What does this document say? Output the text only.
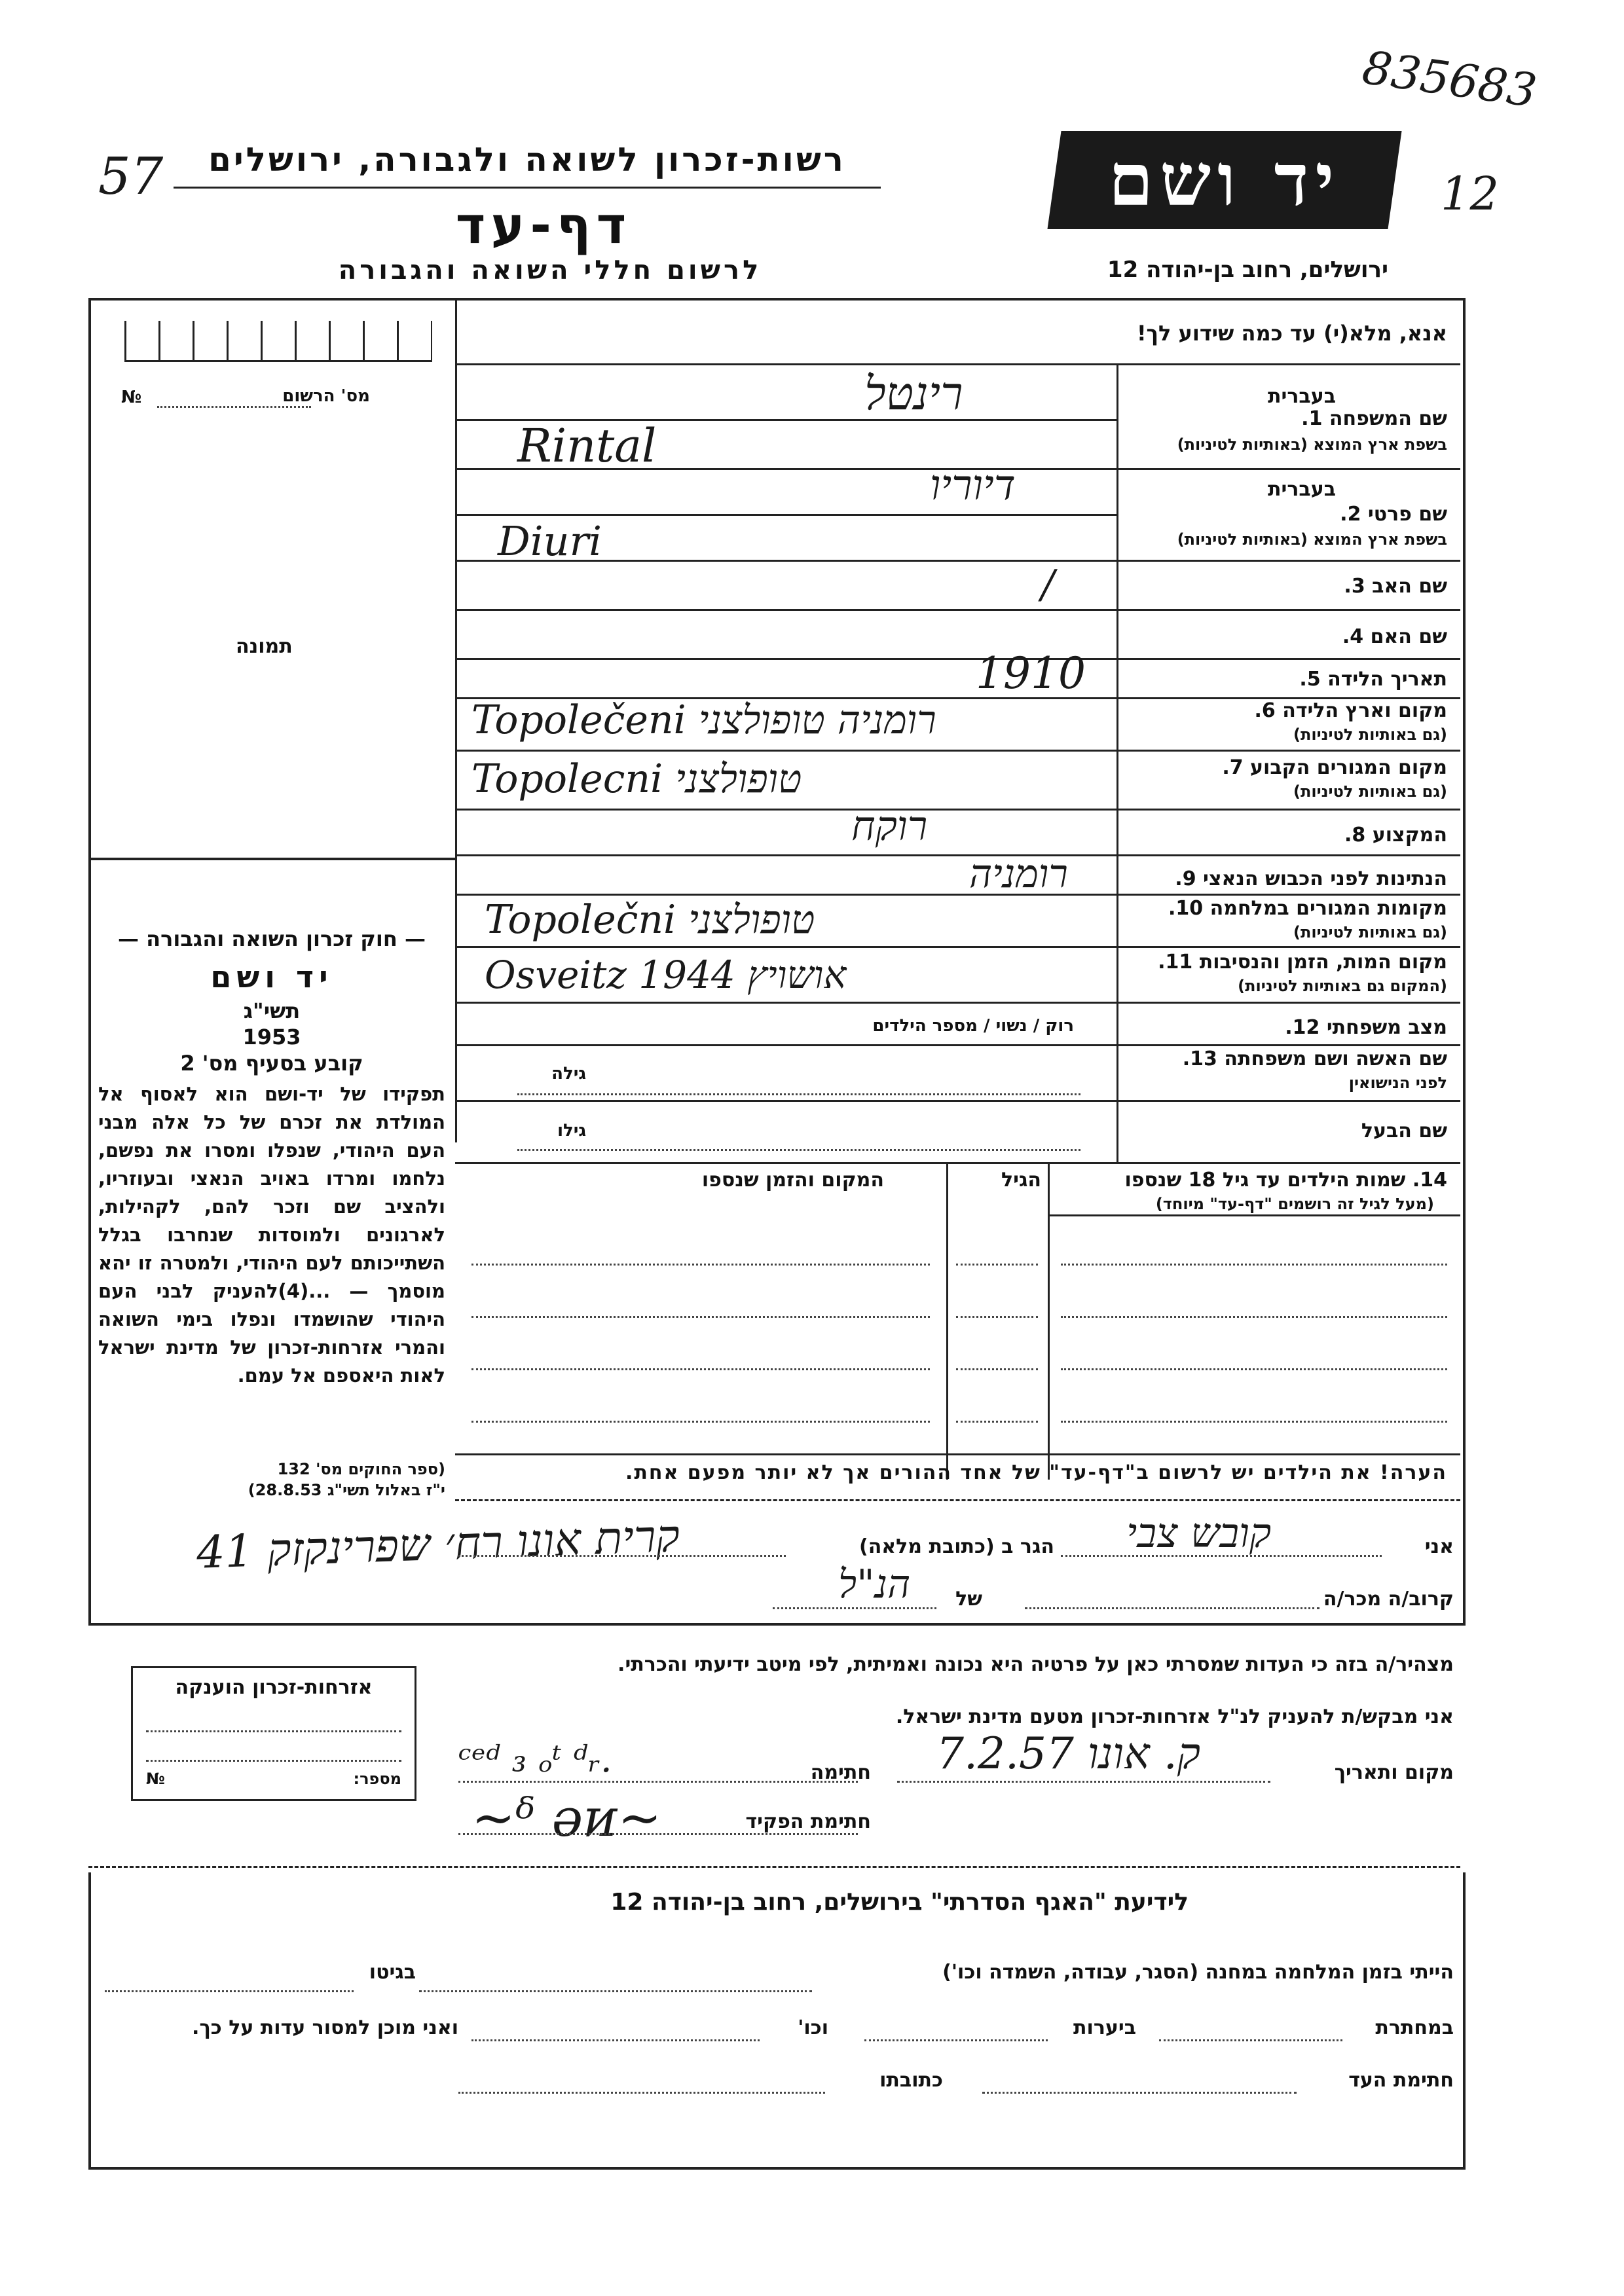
57
835683
12
רשות-זכרון לשואה ולגבורה, ירושלים
דף-עד
לרשום חללי השואה והגבורה
יד ושם
ירושלים, רחוב בן-יהודה 12
אנא, מלא(י) עד כמה שידוע לך!
מס' הרשום
№
תמונה
בעברית
שם המשפחה 1.
בשפת ארץ המוצא (באותיות לטיניות)
רינטל
Rintal
בעברית
שם פרטי 2.
בשפת ארץ המוצא (באותיות לטיניות)
דיוריו
Diuri
שם האב 3.
/
שם האם 4.
תאריך הלידה 5.
1910
מקום וארץ הלידה 6.
(גם באותיות לטיניות)
Topolečeni רומניה טופולצני
מקום המגורים הקבוע 7.
(גם באותיות לטיניות)
Topolecni טופולצני
המקצוע 8.
רוקח
הנתינות לפני הכבוש הנאצי 9.
רומניה
מקומות המגורים במלחמה 10.
(גם באותיות לטיניות)
Topolečni טופולצני
מקום המות, הזמן והנסיבות 11.
(המקום גם באותיות לטיניות)
Osveitz אושויץ 1944
מצב משפחתי 12.
רוק / נשוי / מספר הילדים
שם האשה ושם משפחתה 13.
לפני הנישואין
גילה
שם הבעל
גילו
14. שמות הילדים עד גיל 18 שנספו
(מעל לגיל זה רושמים "דף-עד" מיוחד)
הגיל
המקום והזמן שנספו
הערה! את הילדים יש לרשום ב"דף-עד" של אחד ההורים אך לא יותר מפעם אחת.
— חוק זכרון השואה והגבורה —
יד ושם
תשי"ג
1953
קובע בסעיף מס' 2
תפקידו של יד-ושם הוא לאסוף אל המולדת את זכרם של כל אלה מבני העם היהודי, שנפלו ומסרו את נפשם, נלחמו ומרדו באויב הנאצי ובעוזריו, ולהציב שם וזכר להם, לקהילות, לארגונים ולמוסדות שנחרבו בגלל השתייכותם לעם היהודי, ולמטרה זו יהא מוסמך — ...(4)להעניק לבני העם היהודי שהושמדו ונפלו בימי השואה והמרי אזרחות-זכרון של מדינת ישראל לאות היאספם אל עמם.
(ספר החוקים מס' 132
י"ז באלול תשי"ג 28.8.53)
אני
קובש צבי
הגר ב (כתובת מלאה)
קרית אונו רח׳ שפרינקזק 41
קרוב/ה מכר/ה
של
הנ"ל
מצהיר/ה בזה כי העדות שמסרתי כאן על פרטיה היא נכונה ואמיתית, לפי מיטב ידיעתי והכרתי.
אני מבקש/ת להעניק לנ"ל אזרחות-זכרון מטעם מדינת ישראל.
מקום ותאריך
ק. אונו 7.2.57
חתימה
ᶜᵉᵈ ₃ ₒᵗ ᵈᵣ.
חתימת הפקיד
~ᵟ ǝᴎ~
אזרחות-זכרון הוענקה
מספר:
№
לידיעת "האגף הסדרתי" בירושלים, רחוב בן-יהודה 12
הייתי בזמן המלחמה במחנה (הסגר, עבודה, השמדה וכו')
בגיטו
במחתרת
ביערות
וכו'
ואני מוכן למסור עדות על כך.
חתימת העד
כתובתו
